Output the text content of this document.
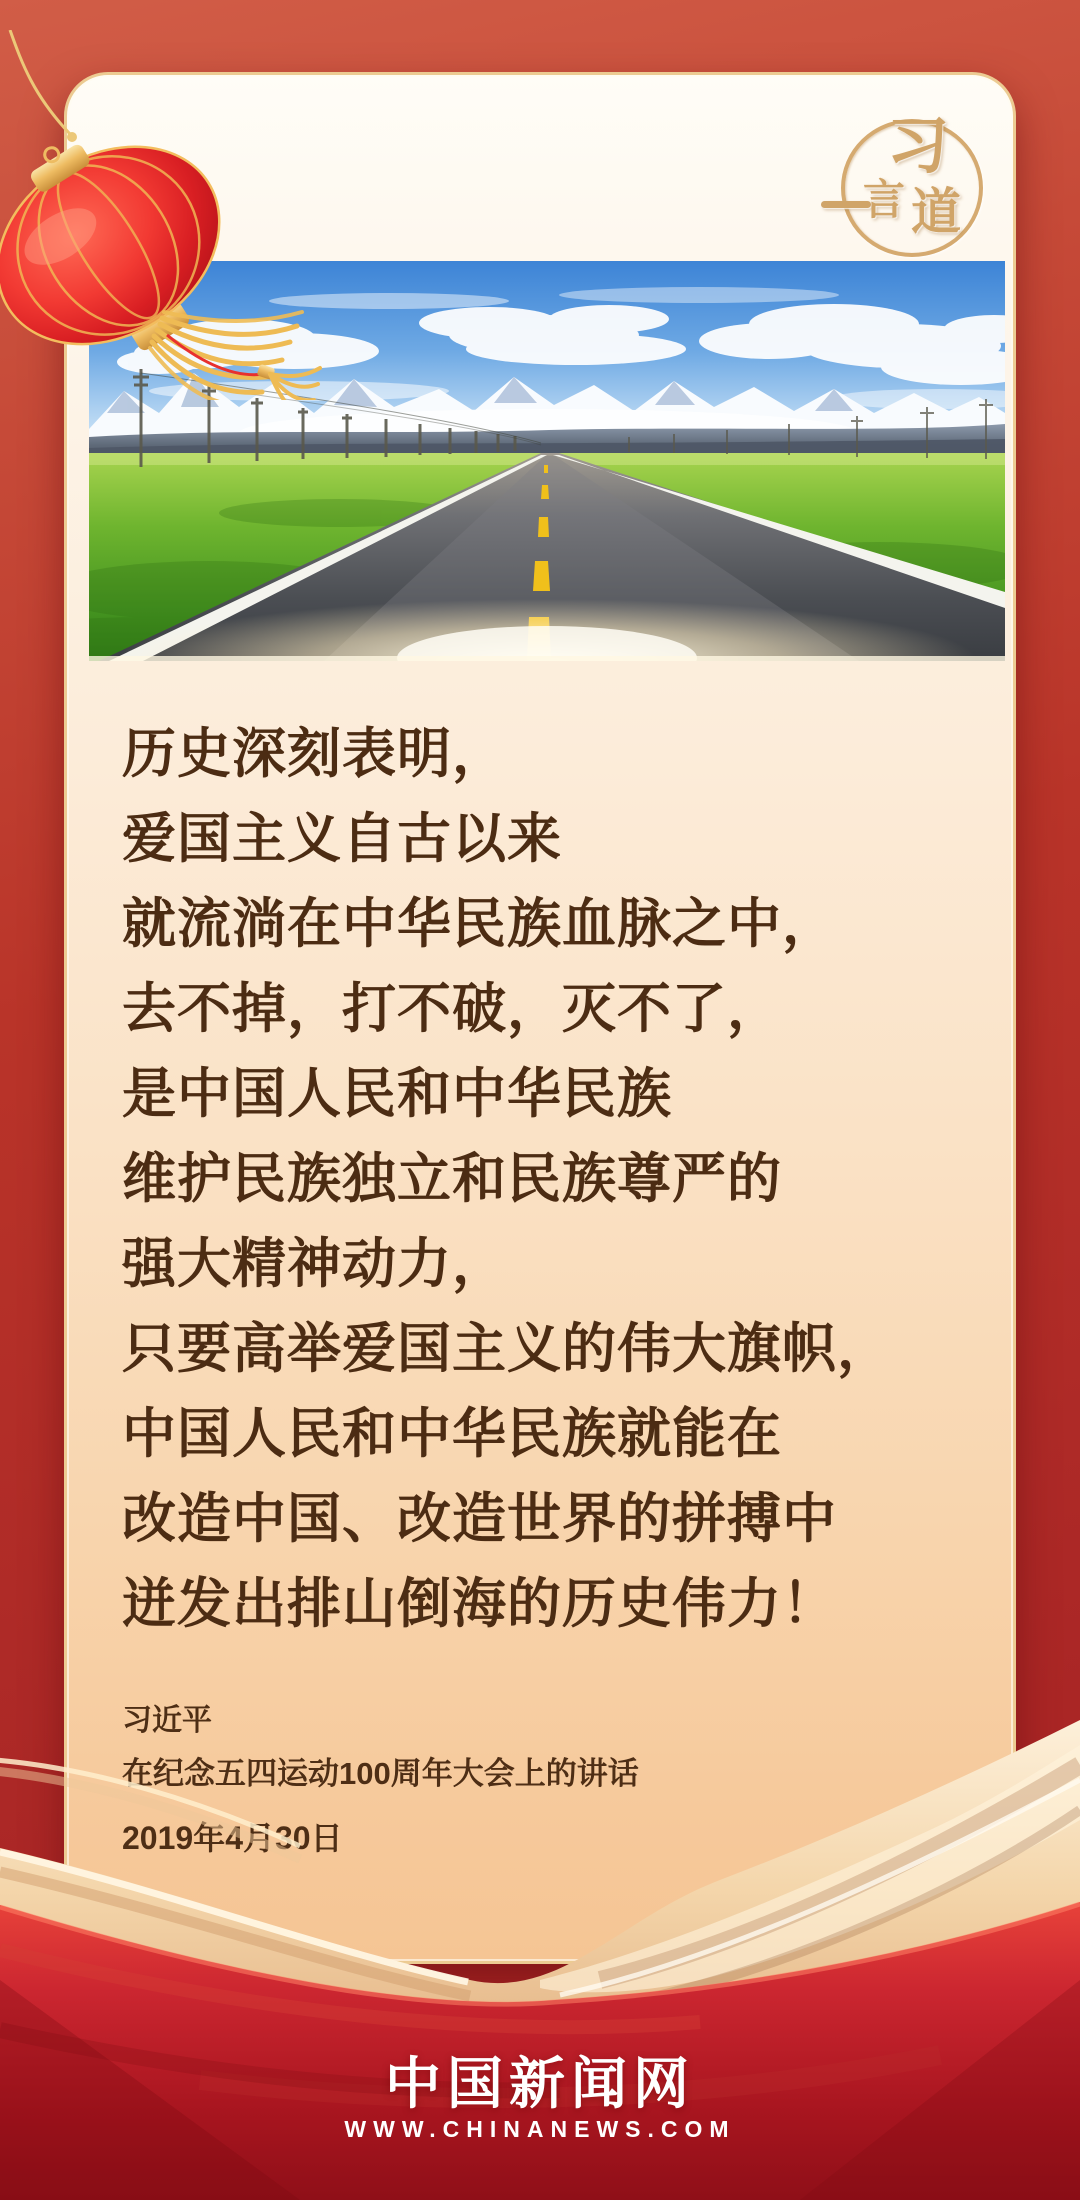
习
言 道
历史深刻表明，
爱国主义自古以来
就流淌在中华民族血脉之中，
去不掉，打不破，灭不了，
是中国人民和中华民族
维护民族独立和民族尊严的
强大精神动力，
只要高举爱国主义的伟大旗帜，
中国人民和中华民族就能在
改造中国、改造世界的拼搏中
迸发出排山倒海的历史伟力！
习近平
在纪念五四运动100周年大会上的讲话
2019年4月30日
中国新闻网
WWW.CHINANEWS.COM
